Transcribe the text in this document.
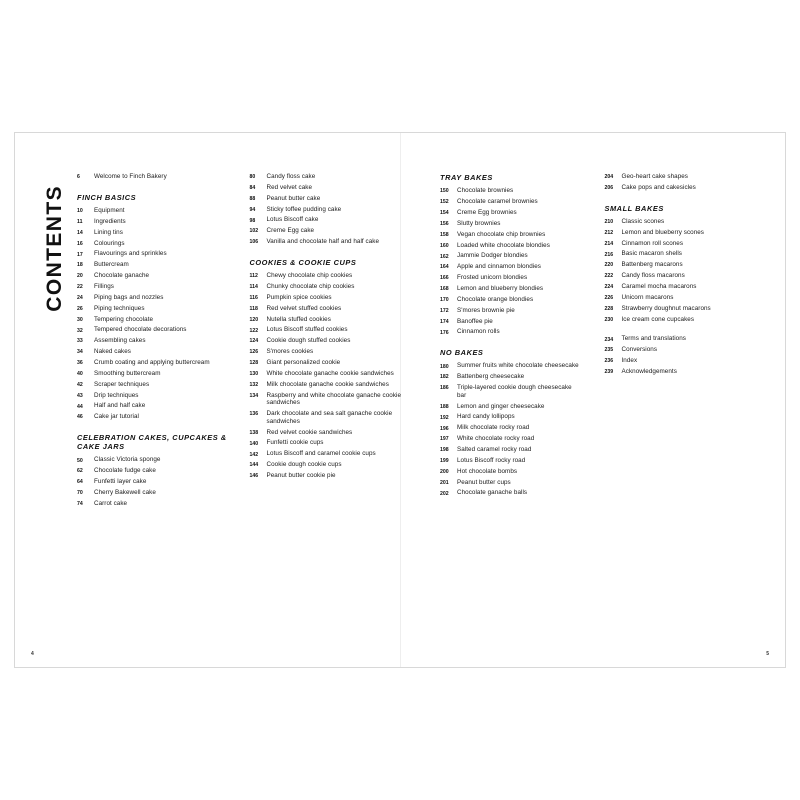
CONTENTS
6	Welcome to Finch Bakery
FINCH BASICS
10	Equipment
11	Ingredients
14	Lining tins
16	Colourings
17	Flavourings and sprinkles
18	Buttercream
20	Chocolate ganache
22	Fillings
24	Piping bags and nozzles
26	Piping techniques
30	Tempering chocolate
32	Tempered chocolate decorations
33	Assembling cakes
34	Naked cakes
36	Crumb coating and applying buttercream
40	Smoothing buttercream
42	Scraper techniques
43	Drip techniques
44	Half and half cake
46	Cake jar tutorial
CELEBRATION CAKES, CUPCAKES & CAKE JARS
50	Classic Victoria sponge
62	Chocolate fudge cake
64	Funfetti layer cake
70	Cherry Bakewell cake
74	Carrot cake
80	Candy floss cake
84	Red velvet cake
88	Peanut butter cake
94	Sticky toffee pudding cake
98	Lotus Biscoff cake
102	Creme Egg cake
106	Vanilla and chocolate half and half cake
COOKIES & COOKIE CUPS
112	Chewy chocolate chip cookies
114	Chunky chocolate chip cookies
116	Pumpkin spice cookies
118	Red velvet stuffed cookies
120	Nutella stuffed cookies
122	Lotus Biscoff stuffed cookies
124	Cookie dough stuffed cookies
126	S'mores cookies
128	Giant personalized cookie
130	White chocolate ganache cookie sandwiches
132	Milk chocolate ganache cookie sandwiches
134	Raspberry and white chocolate ganache cookie sandwiches
136	Dark chocolate and sea salt ganache cookie sandwiches
138	Red velvet cookie sandwiches
140	Funfetti cookie cups
142	Lotus Biscoff and caramel cookie cups
144	Cookie dough cookie cups
146	Peanut butter cookie pie
TRAY BAKES
150	Chocolate brownies
152	Chocolate caramel brownies
154	Creme Egg brownies
156	Slutty brownies
158	Vegan chocolate chip brownies
160	Loaded white chocolate blondies
162	Jammie Dodger blondies
164	Apple and cinnamon blondies
166	Frosted unicorn blondies
168	Lemon and blueberry blondies
170	Chocolate orange blondies
172	S'mores brownie pie
174	Banoffee pie
176	Cinnamon rolls
NO BAKES
180	Summer fruits white chocolate cheesecake
182	Battenberg cheesecake
186	Triple-layered cookie dough cheesecake bar
188	Lemon and ginger cheesecake
192	Hard candy lollipops
196	Milk chocolate rocky road
197	White chocolate rocky road
198	Salted caramel rocky road
199	Lotus Biscoff rocky road
200	Hot chocolate bombs
201	Peanut butter cups
202	Chocolate ganache balls
204	Geo-heart cake shapes
206	Cake pops and cakesicles
SMALL BAKES
210	Classic scones
212	Lemon and blueberry scones
214	Cinnamon roll scones
216	Basic macaron shells
220	Battenberg macarons
222	Candy floss macarons
224	Caramel mocha macarons
226	Unicorn macarons
228	Strawberry doughnut macarons
230	Ice cream cone cupcakes
234	Terms and translations
235	Conversions
236	Index
239	Acknowledgements
4	5
